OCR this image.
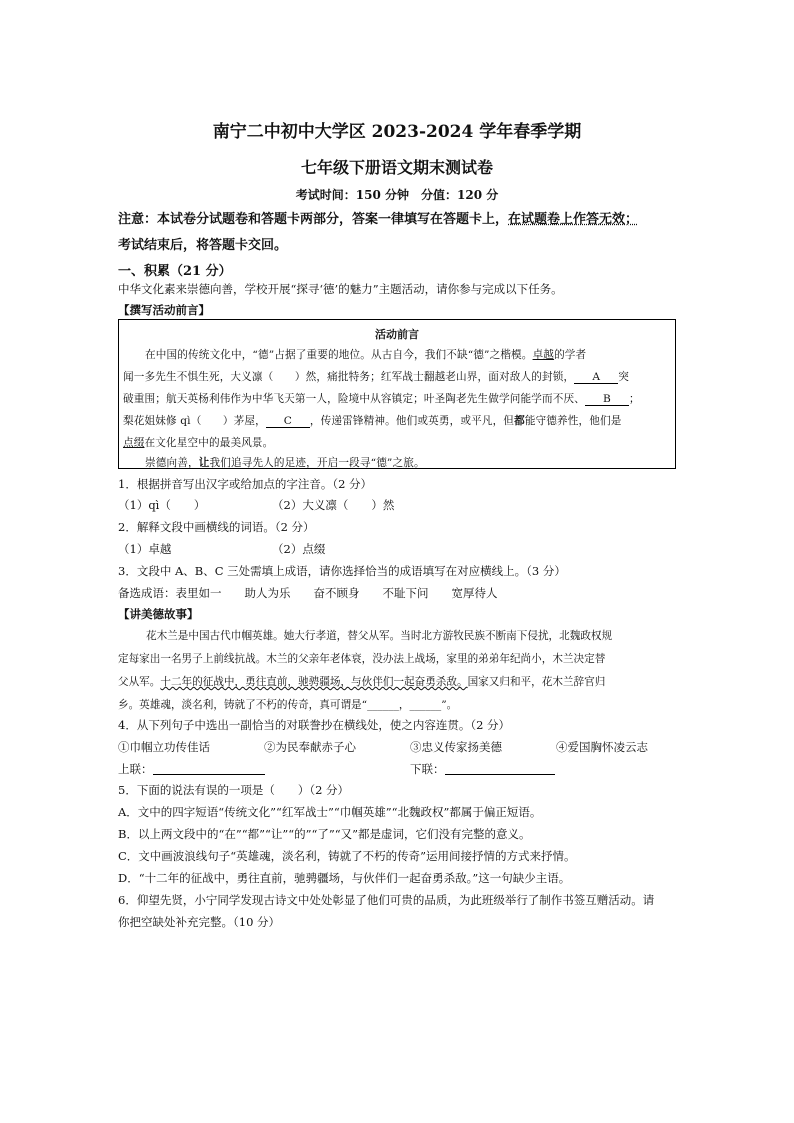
南宁二中初中大学区 2023-2024 学年春季学期
七年级下册语文期末测试卷
考试时间：150 分钟　分值：120 分
注意：本试卷分试题卷和答题卡两部分，答案一律填写在答题卡上，在试题卷上作答无效；
考试结束后，将答题卡交回。
一、积累（21 分）
中华文化素来崇德向善，学校开展“探寻‘德’的魅力”主题活动，请你参与完成以下任务。
【撰写活动前言】
活动前言
在中国的传统文化中，“德”占据了重要的地位。从古自今，我们不缺“德”之楷模。卓越的学者
闻一多先生不惧生死，大义凛（　　）然，痛批特务；红军战士翻越老山界，面对敌人的封锁， A 突
破重围；航天英杨利伟作为中华飞天第一人，险境中从容镇定；叶圣陶老先生做学问能学而不厌、 B ；
梨花姐妹修 qì（　　）茅屋， C ，传递雷锋精神。他们或英勇，或平凡，但都能守德养性，他们是
点缀在文化星空中的最美风景。
崇德向善，让我们追寻先人的足迹，开启一段寻“德”之旅。
1．根据拼音写出汉字或给加点的字注音。（2 分）
（1）qì（　　）	（2）大义凛（　　）然
2．解释文段中画横线的词语。（2 分）
（1）卓越	（2）点缀
3．文段中 A、B、C 三处需填上成语，请你选择恰当的成语填写在对应横线上。（3 分）
备选成语：表里如一　　助人为乐　　奋不顾身　　不耻下问　　宽厚待人
【讲美德故事】
花木兰是中国古代巾帼英雄。她大行孝道，替父从军。当时北方游牧民族不断南下侵扰，北魏政权规
定每家出一名男子上前线抗战。木兰的父亲年老体衰，没办法上战场，家里的弟弟年纪尚小，木兰决定替
父从军。十二年的征战中，勇往直前，驰骋疆场，与伙伴们一起奋勇杀敌。国家又归和平，花木兰辞官归
乡。英雄魂，淡名利，铸就了不朽的传奇，真可谓是“______，______”。
4．从下列句子中选出一副恰当的对联誊抄在横线处，使之内容连贯。（2 分）
①巾帼立功传佳话	②为民奉献赤子心	③忠义传家扬美德	④爱国胸怀凌云志
上联：	下联：
5．下面的说法有误的一项是（　　）（2 分）
A．文中的四字短语“传统文化”“红军战士”“巾帼英雄”“北魏政权”都属于偏正短语。
B．以上两文段中的“在”“都”“让”“的”“了”“又”都是虚词，它们没有完整的意义。
C．文中画波浪线句子“英雄魂，淡名利，铸就了不朽的传奇”运用间接抒情的方式来抒情。
D．“十二年的征战中，勇往直前，驰骋疆场，与伙伴们一起奋勇杀敌。”这一句缺少主语。
6．仰望先贤，小宁同学发现古诗文中处处彰显了他们可贵的品质，为此班级举行了制作书签互赠活动。请
你把空缺处补充完整。（10 分）
